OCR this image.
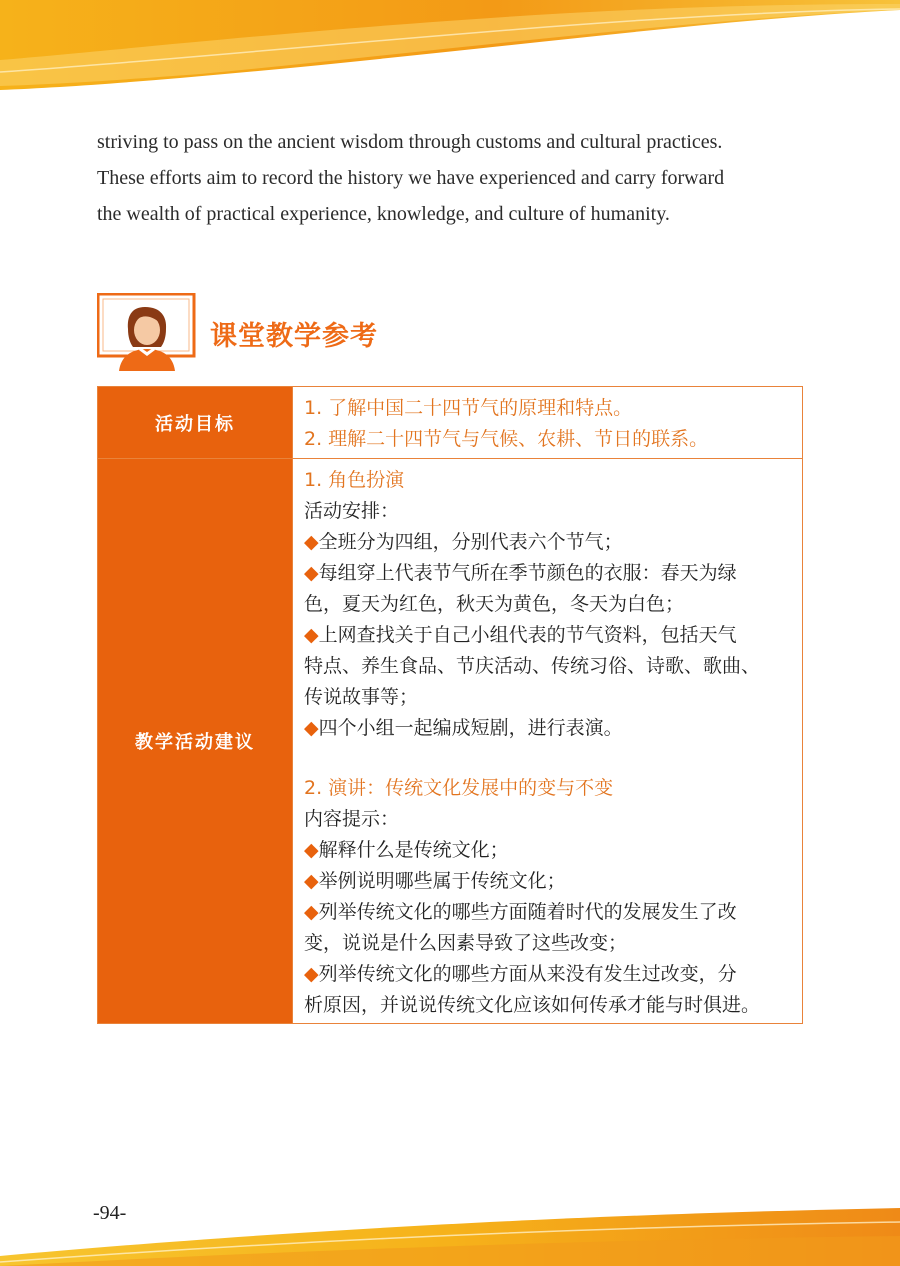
striving to pass on the ancient wisdom through customs and cultural practices.
These efforts aim to record the history we have experienced and carry forward
the wealth of practical experience, knowledge, and culture of humanity.
课堂教学参考
活动目标
1. 了解中国二十四节气的原理和特点。
2. 理解二十四节气与气候、农耕、节日的联系。
教学活动建议
1. 角色扮演
活动安排：
◆全班分为四组，分别代表六个节气；
◆每组穿上代表节气所在季节颜色的衣服：春天为绿
色，夏天为红色，秋天为黄色，冬天为白色；
◆上网查找关于自己小组代表的节气资料，包括天气
特点、养生食品、节庆活动、传统习俗、诗歌、歌曲、
传说故事等；
◆四个小组一起编成短剧，进行表演。
2. 演讲：传统文化发展中的变与不变
内容提示：
◆解释什么是传统文化；
◆举例说明哪些属于传统文化；
◆列举传统文化的哪些方面随着时代的发展发生了改
变，说说是什么因素导致了这些改变；
◆列举传统文化的哪些方面从来没有发生过改变，分
析原因，并说说传统文化应该如何传承才能与时俱进。
-94-
